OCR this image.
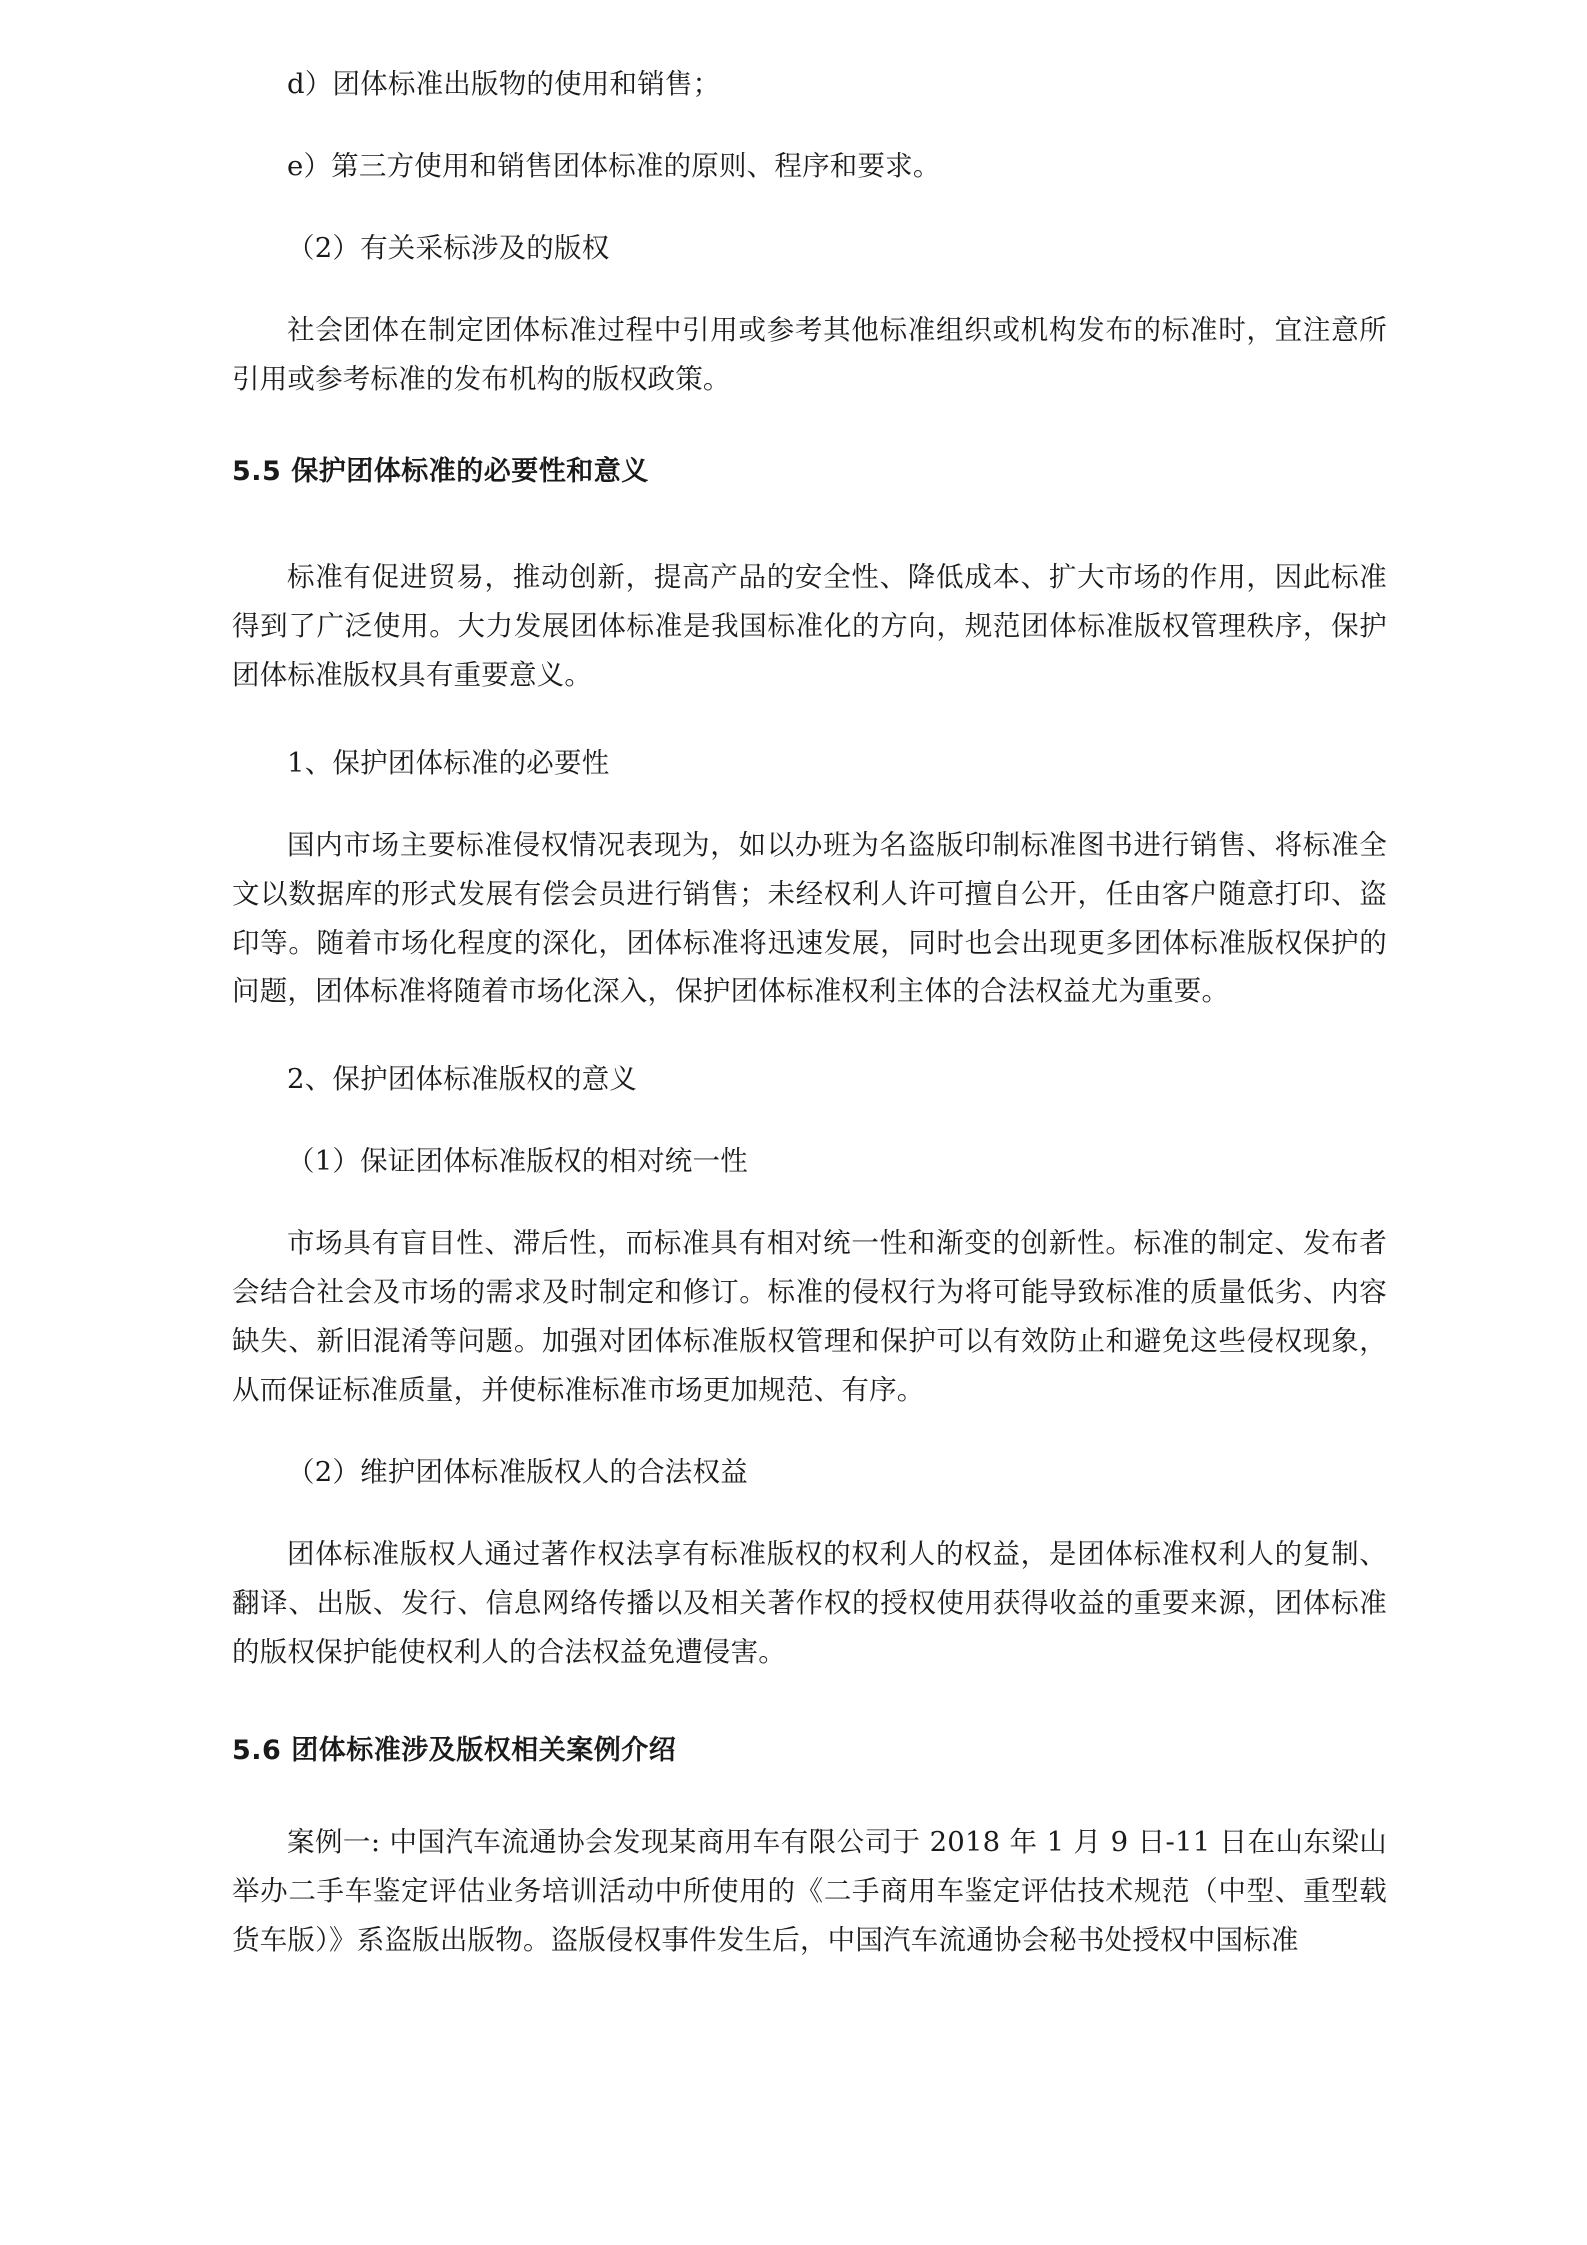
d）团体标准出版物的使用和销售；

e）第三方使用和销售团体标准的原则、程序和要求。

（2）有关采标涉及的版权

社会团体在制定团体标准过程中引用或参考其他标准组织或机构发布的标准时，宜注意所引用或参考标准的发布机构的版权政策。

5.5 保护团体标准的必要性和意义

标准有促进贸易，推动创新，提高产品的安全性、降低成本、扩大市场的作用，因此标准得到了广泛使用。大力发展团体标准是我国标准化的方向，规范团体标准版权管理秩序，保护团体标准版权具有重要意义。

1、保护团体标准的必要性

国内市场主要标准侵权情况表现为，如以办班为名盗版印制标准图书进行销售、将标准全文以数据库的形式发展有偿会员进行销售；未经权利人许可擅自公开，任由客户随意打印、盗印等。随着市场化程度的深化，团体标准将迅速发展，同时也会出现更多团体标准版权保护的问题，团体标准将随着市场化深入，保护团体标准权利主体的合法权益尤为重要。

2、保护团体标准版权的意义

（1）保证团体标准版权的相对统一性

市场具有盲目性、滞后性，而标准具有相对统一性和渐变的创新性。标准的制定、发布者会结合社会及市场的需求及时制定和修订。标准的侵权行为将可能导致标准的质量低劣、内容缺失、新旧混淆等问题。加强对团体标准版权管理和保护可以有效防止和避免这些侵权现象，从而保证标准质量，并使标准标准市场更加规范、有序。

（2）维护团体标准版权人的合法权益

团体标准版权人通过著作权法享有标准版权的权利人的权益，是团体标准权利人的复制、翻译、出版、发行、信息网络传播以及相关著作权的授权使用获得收益的重要来源，团体标准的版权保护能使权利人的合法权益免遭侵害。

5.6 团体标准涉及版权相关案例介绍

案例一: 中国汽车流通协会发现某商用车有限公司于 2018 年 1 月 9 日-11 日在山东梁山举办二手车鉴定评估业务培训活动中所使用的《二手商用车鉴定评估技术规范（中型、重型载货车版）》系盗版出版物。盗版侵权事件发生后，中国汽车流通协会秘书处授权中国标准
